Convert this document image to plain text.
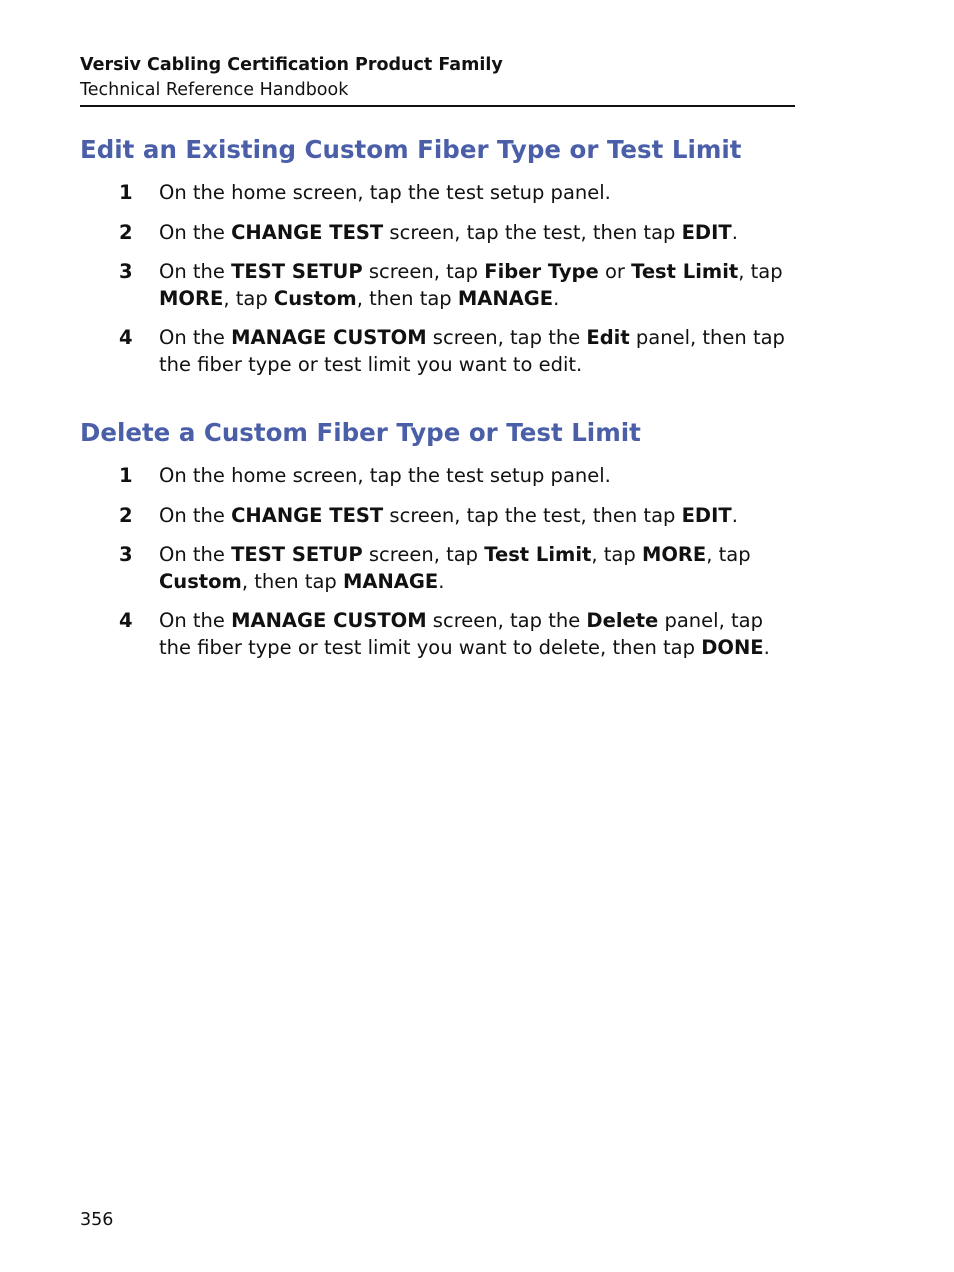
Versiv Cabling Certification Product Family
Technical Reference Handbook
Edit an Existing Custom Fiber Type or Test Limit
1 On the home screen, tap the test setup panel.
2 On the CHANGE TEST screen, tap the test, then tap EDIT.
3 On the TEST SETUP screen, tap Fiber Type or Test Limit, tap
MORE, tap Custom, then tap MANAGE.
4 On the MANAGE CUSTOM screen, tap the Edit panel, then tap
the fiber type or test limit you want to edit.
Delete a Custom Fiber Type or Test Limit
1 On the home screen, tap the test setup panel.
2 On the CHANGE TEST screen, tap the test, then tap EDIT.
3 On the TEST SETUP screen, tap Test Limit, tap MORE, tap
Custom, then tap MANAGE.
4 On the MANAGE CUSTOM screen, tap the Delete panel, tap
the fiber type or test limit you want to delete, then tap DONE.
356
